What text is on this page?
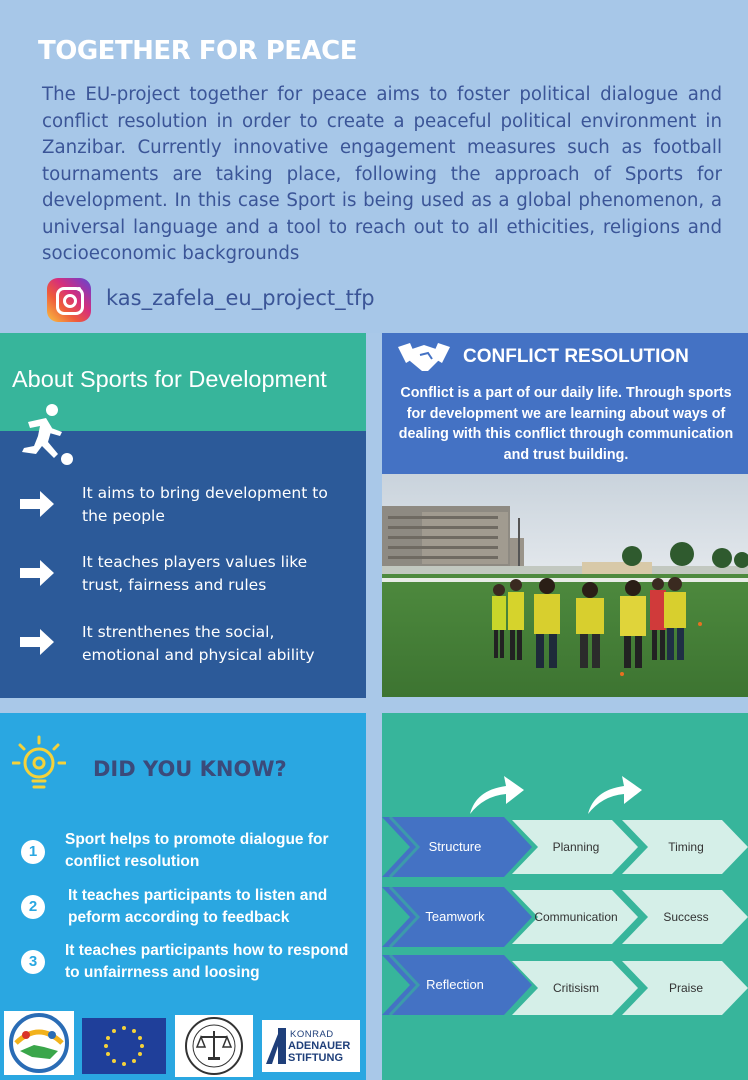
TOGETHER FOR PEACE
The EU-project together for peace aims to foster political dialogue and conflict resolution in order to create a peaceful political environment in Zanzibar. Currently innovative engagement measures such as football tournaments are taking place, following the approach of Sports for development. In this case Sport is being used as a global phenomenon, a universal language and a tool to reach out to all ethicities, religions and socioeconomic backgrounds
kas_zafela_eu_project_tfp
About Sports for Development
It aims to bring development to the people
It teaches players values like trust, fairness and rules
It strenthenes the social, emotional and physical ability
CONFLICT RESOLUTION
Conflict is a part of our daily life. Through sports for development we are learning about ways of dealing with this conflict through communication and trust building.
DID YOU KNOW?
1
Sport helps to promote dialogue for conflict resolution
2
It teaches participants to listen and peform according to feedback
3
It teaches participants how to respond to unfairrness and loosing
KONRAD
ADENAUER
STIFTUNG
Structure	Planning	Timing
Teamwork	Communication	Success
Reflection	Critisism	Praise
